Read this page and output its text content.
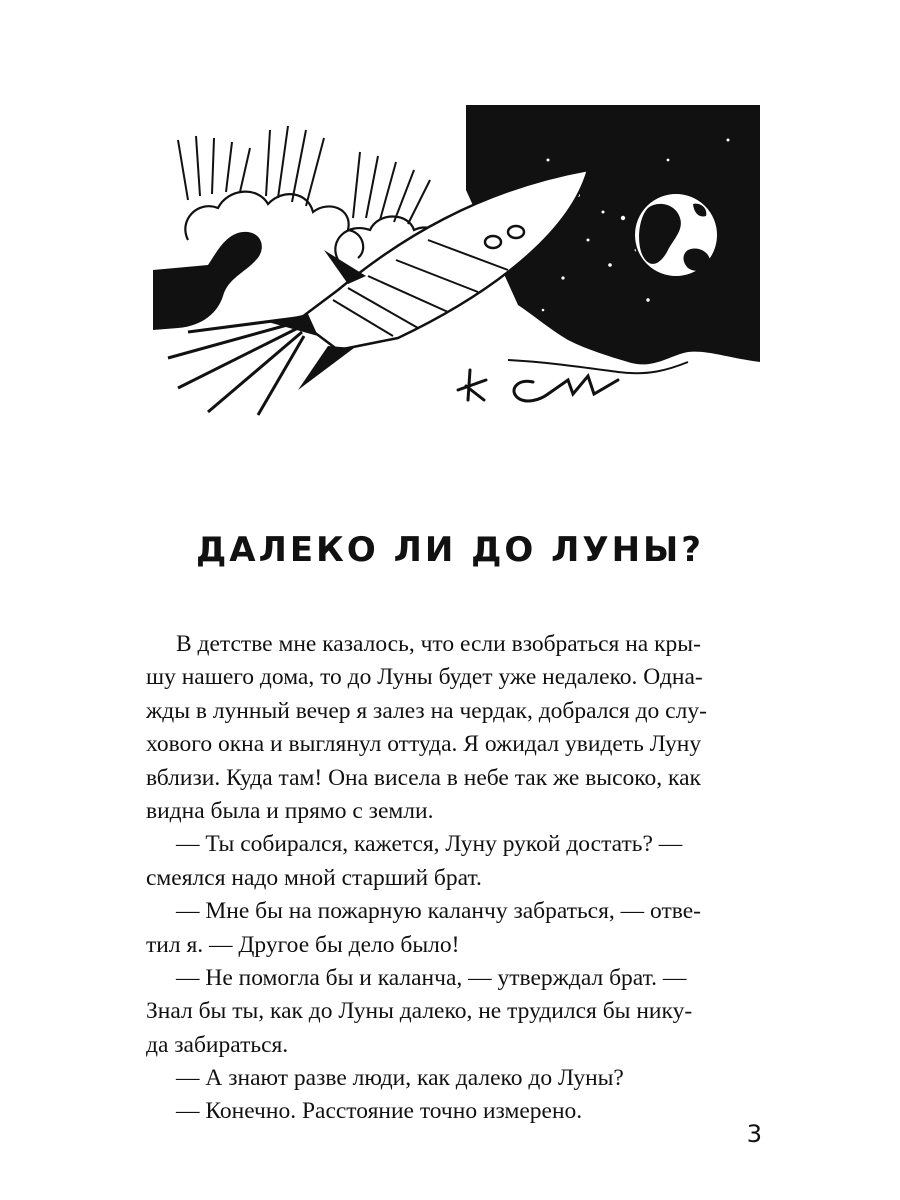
ДАЛЕКО ЛИ ДО ЛУНЫ?
В детстве мне казалось, что если взобраться на кры-
шу нашего дома, то до Луны будет уже недалеко. Одна-
жды в лунный вечер я залез на чердак, добрался до слу-
хового окна и выглянул оттуда. Я ожидал увидеть Луну
вблизи. Куда там! Она висела в небе так же высоко, как
видна была и прямо с земли.
— Ты собирался, кажется, Луну рукой достать? —
смеялся надо мной старший брат.
— Мне бы на пожарную каланчу забраться, — отве-
тил я. — Другое бы дело было!
— Не помогла бы и каланча, — утверждал брат. —
Знал бы ты, как до Луны далеко, не трудился бы нику-
да забираться.
— А знают разве люди, как далеко до Луны?
— Конечно. Расстояние точно измерено.
3
